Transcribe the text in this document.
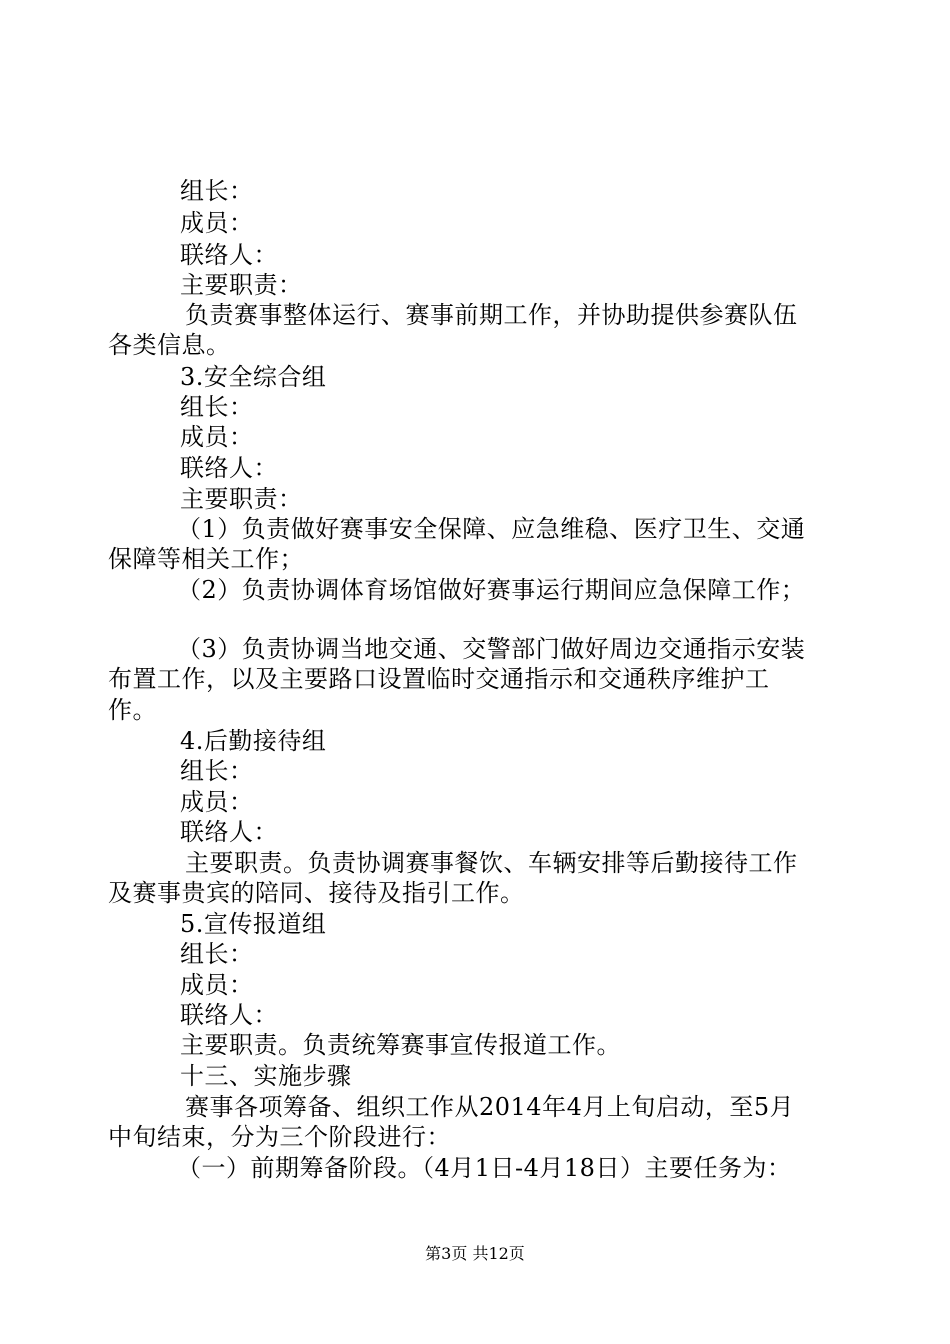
组长：
成员：
联络人：
主要职责：
负责赛事整体运行、赛事前期工作，并协助提供参赛队伍
各类信息。
3.安全综合组
组长：
成员：
联络人：
主要职责：
（1）负责做好赛事安全保障、应急维稳、医疗卫生、交通
保障等相关工作；
（2）负责协调体育场馆做好赛事运行期间应急保障工作；
（3）负责协调当地交通、交警部门做好周边交通指示安装
布置工作，以及主要路口设置临时交通指示和交通秩序维护工
作。
4.后勤接待组
组长：
成员：
联络人：
主要职责。负责协调赛事餐饮、车辆安排等后勤接待工作
及赛事贵宾的陪同、接待及指引工作。
5.宣传报道组
组长：
成员：
联络人：
主要职责。负责统筹赛事宣传报道工作。
十三、实施步骤
赛事各项筹备、组织工作从2014年4月上旬启动，至5月
中旬结束，分为三个阶段进行：
（一）前期筹备阶段。（4月1日-4月18日）主要任务为：
第3页 共12页
